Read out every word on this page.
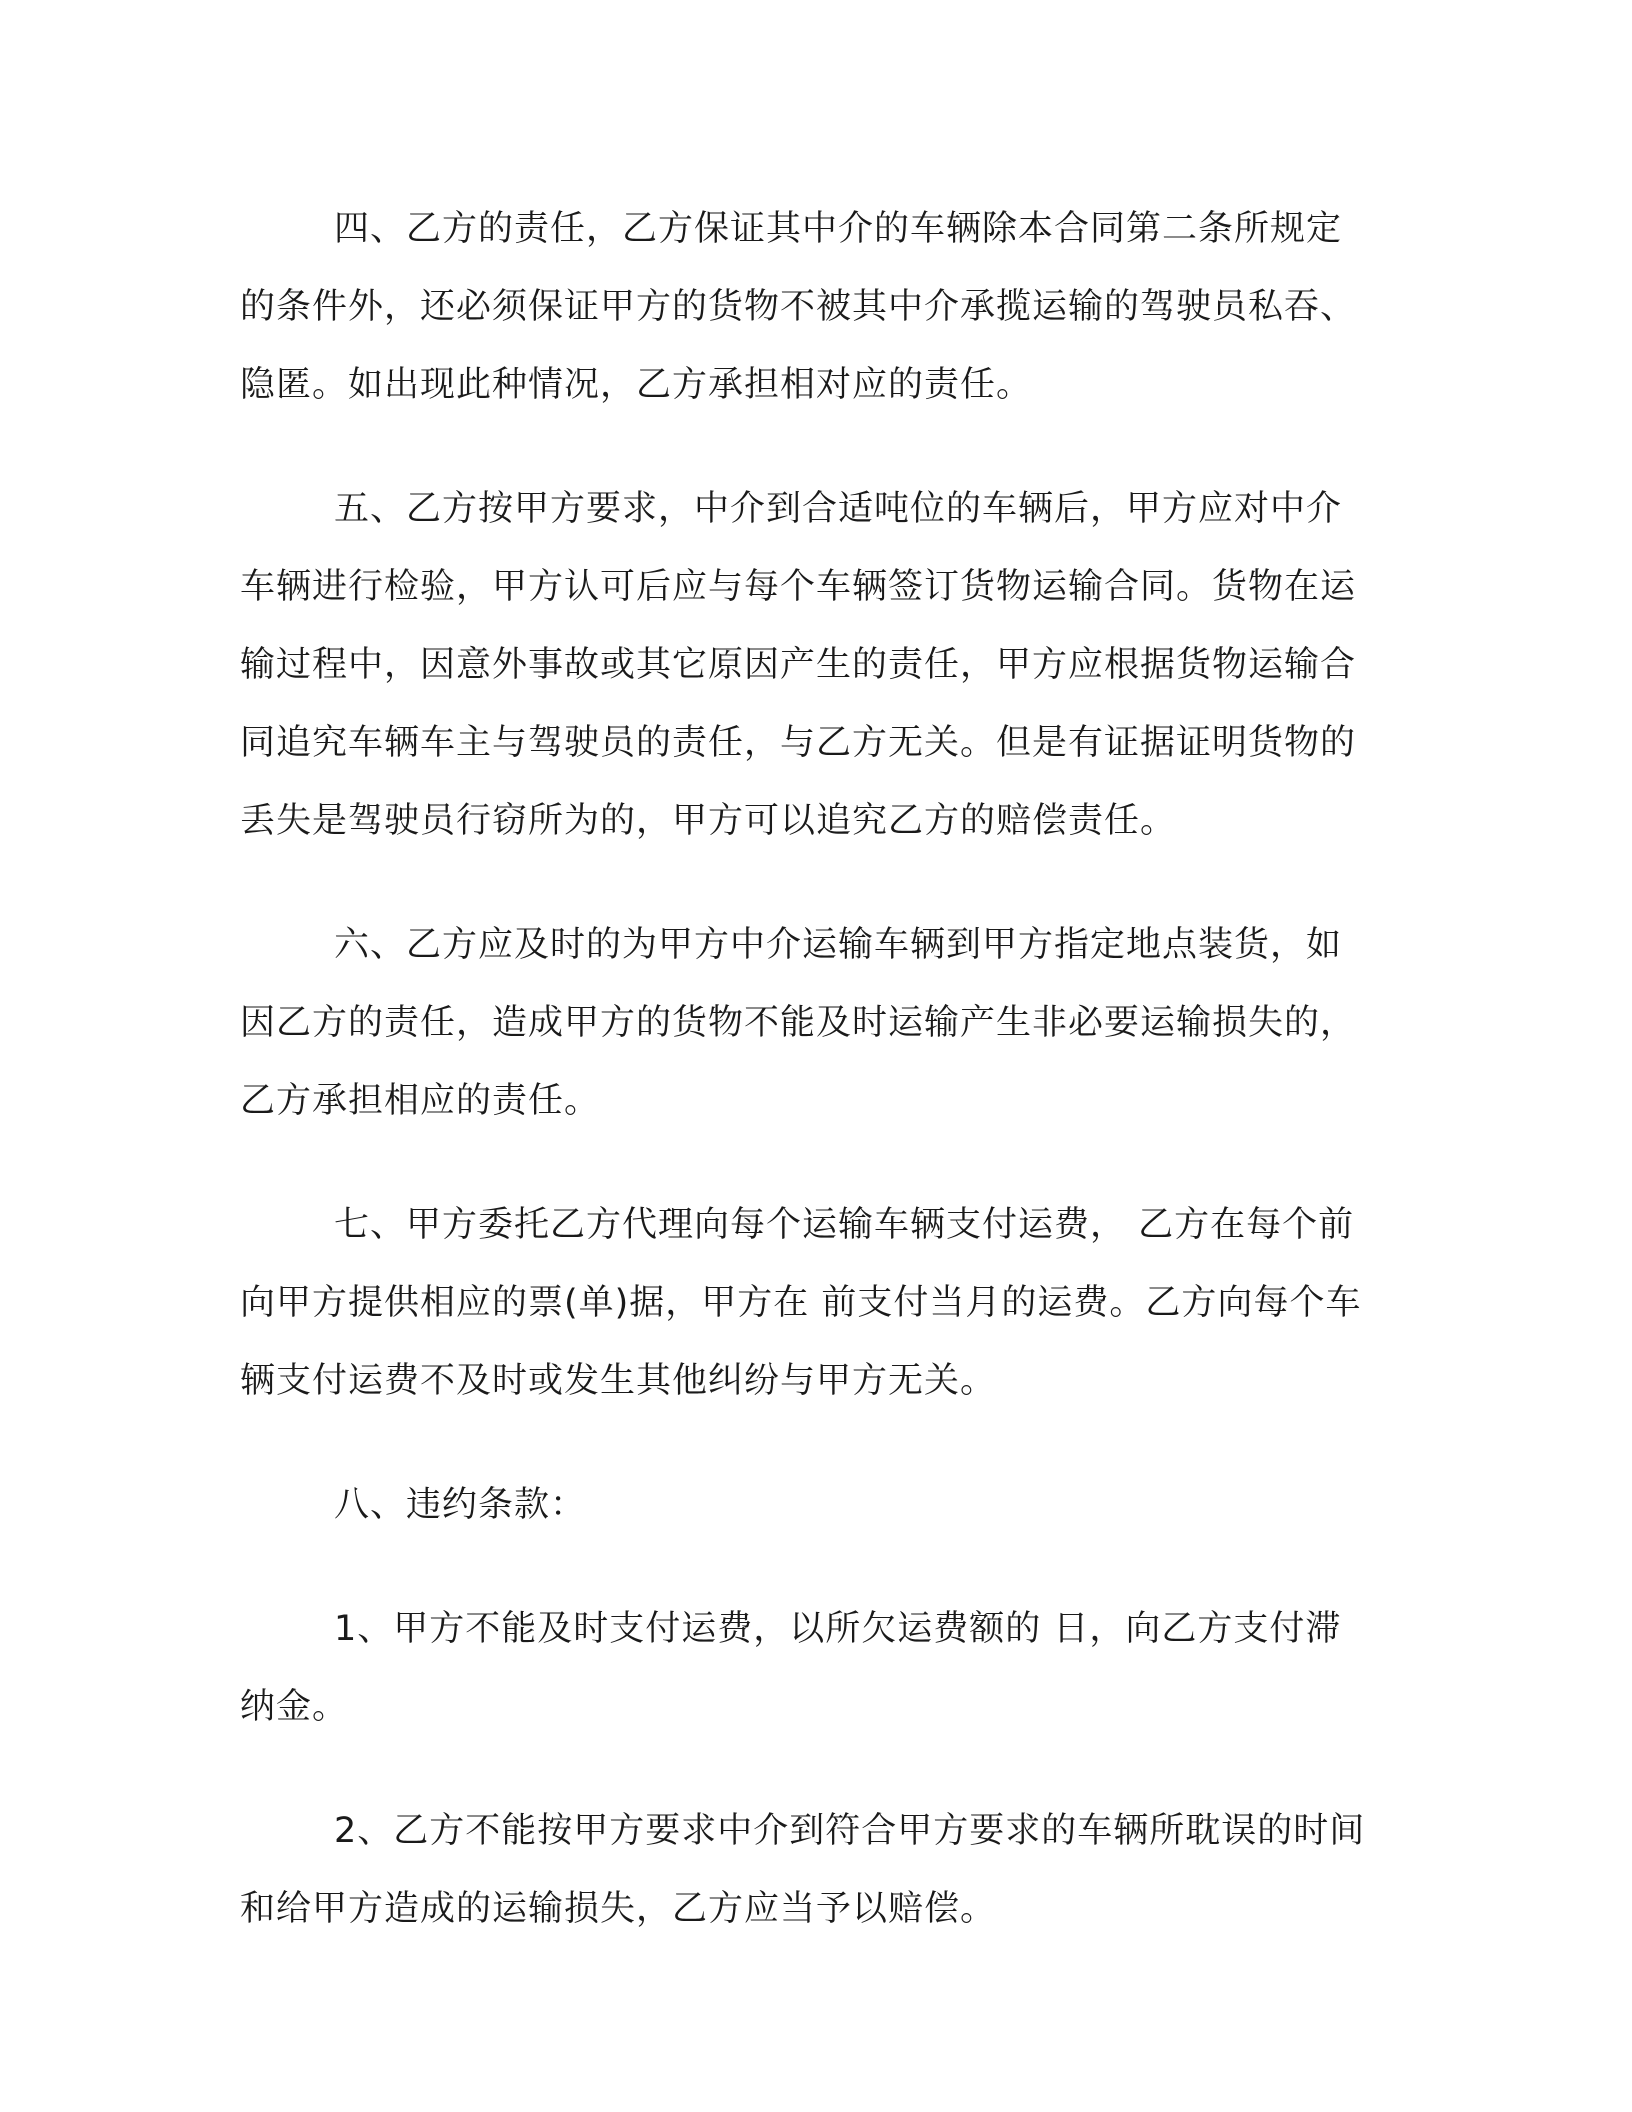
四、乙方的责任，乙方保证其中介的车辆除本合同第二条所规定的条件外，还必须保证甲方的货物不被其中介承揽运输的驾驶员私吞、隐匿。如出现此种情况，乙方承担相对应的责任。

五、乙方按甲方要求，中介到合适吨位的车辆后，甲方应对中介车辆进行检验，甲方认可后应与每个车辆签订货物运输合同。货物在运输过程中，因意外事故或其它原因产生的责任，甲方应根据货物运输合同追究车辆车主与驾驶员的责任，与乙方无关。但是有证据证明货物的丢失是驾驶员行窃所为的，甲方可以追究乙方的赔偿责任。

六、乙方应及时的为甲方中介运输车辆到甲方指定地点装货，如因乙方的责任，造成甲方的货物不能及时运输产生非必要运输损失的，乙方承担相应的责任。

七、甲方委托乙方代理向每个运输车辆支付运费， 乙方在每个前向甲方提供相应的票(单)据，甲方在 前支付当月的运费。乙方向每个车辆支付运费不及时或发生其他纠纷与甲方无关。

八、违约条款：

1、甲方不能及时支付运费，以所欠运费额的 日，向乙方支付滞纳金。

2、乙方不能按甲方要求中介到符合甲方要求的车辆所耽误的时间和给甲方造成的运输损失，乙方应当予以赔偿。
